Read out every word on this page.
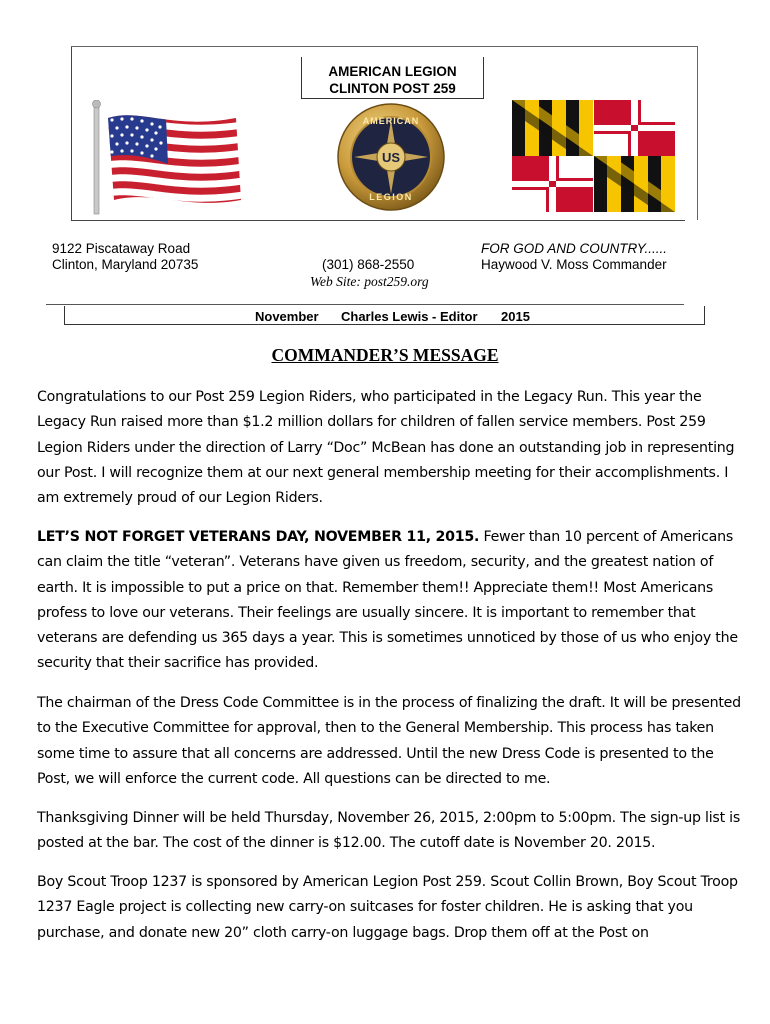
AMERICAN LEGION
CLINTON POST 259
US
AMERICAN
LEGION
9122 Piscataway Road
Clinton, Maryland 20735	(301) 868-2550
Web Site: post259.org
FOR GOD AND COUNTRY......
Haywood V. Moss Commander
November Charles Lewis - Editor 2015
COMMANDER’S MESSAGE
Congratulations to our Post 259 Legion Riders, who participated in the Legacy Run. This year the Legacy Run raised more than $1.2 million dollars for children of fallen service members. Post 259 Legion Riders under the direction of Larry “Doc” McBean has done an outstanding job in representing our Post. I will recognize them at our next general membership meeting for their accomplishments. I am extremely proud of our Legion Riders.
LET’S NOT FORGET VETERANS DAY, NOVEMBER 11, 2015. Fewer than 10 percent of Americans can claim the title “veteran”. Veterans have given us freedom, security, and the greatest nation of earth. It is impossible to put a price on that. Remember them!! Appreciate them!! Most Americans profess to love our veterans. Their feelings are usually sincere. It is important to remember that veterans are defending us 365 days a year. This is sometimes unnoticed by those of us who enjoy the security that their sacrifice has provided.
The chairman of the Dress Code Committee is in the process of finalizing the draft. It will be presented to the Executive Committee for approval, then to the General Membership. This process has taken some time to assure that all concerns are addressed. Until the new Dress Code is presented to the Post, we will enforce the current code. All questions can be directed to me.
Thanksgiving Dinner will be held Thursday, November 26, 2015, 2:00pm to 5:00pm. The sign-up list is posted at the bar. The cost of the dinner is $12.00. The cutoff date is November 20. 2015.
Boy Scout Troop 1237 is sponsored by American Legion Post 259. Scout Collin Brown, Boy Scout Troop 1237 Eagle project is collecting new carry-on suitcases for foster children. He is asking that you purchase, and donate new 20” cloth carry-on luggage bags. Drop them off at the Post on
